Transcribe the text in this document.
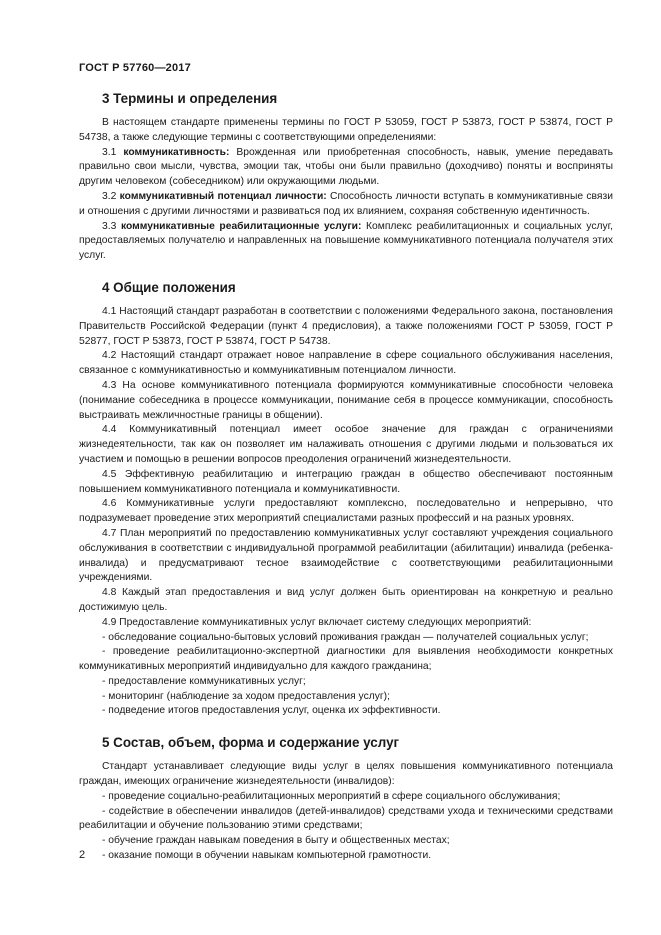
ГОСТ Р 57760—2017
3 Термины и определения

В настоящем стандарте применены термины по ГОСТ Р 53059, ГОСТ Р 53873, ГОСТ Р 53874, ГОСТ Р 54738, а также следующие термины с соответствующими определениями:

3.1 коммуникативность: Врожденная или приобретенная способность, навык, умение передавать правильно свои мысли, чувства, эмоции так, чтобы они были правильно (доходчиво) поняты и восприняты другим человеком (собеседником) или окружающими людьми.

3.2 коммуникативный потенциал личности: Способность личности вступать в коммуникативные связи и отношения с другими личностями и развиваться под их влиянием, сохраняя собственную идентичность.

3.3 коммуникативные реабилитационные услуги: Комплекс реабилитационных и социальных услуг, предоставляемых получателю и направленных на повышение коммуникативного потенциала получателя этих услуг.

4 Общие положения

4.1 Настоящий стандарт разработан в соответствии с положениями Федерального закона, постановления Правительств Российской Федерации (пункт 4 предисловия), а также положениями ГОСТ Р 53059, ГОСТ Р 52877, ГОСТ Р 53873, ГОСТ Р 53874, ГОСТ Р 54738.

4.2 Настоящий стандарт отражает новое направление в сфере социального обслуживания населения, связанное с коммуникативностью и коммуникативным потенциалом личности.

4.3 На основе коммуникативного потенциала формируются коммуникативные способности человека (понимание собеседника в процессе коммуникации, понимание себя в процессе коммуникации, способность выстраивать межличностные границы в общении).

4.4 Коммуникативный потенциал имеет особое значение для граждан с ограничениями жизнедеятельности, так как он позволяет им налаживать отношения с другими людьми и пользоваться их участием и помощью в решении вопросов преодоления ограничений жизнедеятельности.

4.5 Эффективную реабилитацию и интеграцию граждан в общество обеспечивают постоянным повышением коммуникативного потенциала и коммуникативности.

4.6 Коммуникативные услуги предоставляют комплексно, последовательно и непрерывно, что подразумевает проведение этих мероприятий специалистами разных профессий и на разных уровнях.

4.7 План мероприятий по предоставлению коммуникативных услуг составляют учреждения социального обслуживания в соответствии с индивидуальной программой реабилитации (абилитации) инвалида (ребенка-инвалида) и предусматривают тесное взаимодействие с соответствующими реабилитационными учреждениями.

4.8 Каждый этап предоставления и вид услуг должен быть ориентирован на конкретную и реально достижимую цель.

4.9 Предоставление коммуникативных услуг включает систему следующих мероприятий:

- обследование социально-бытовых условий проживания граждан — получателей социальных услуг;

- проведение реабилитационно-экспертной диагностики для выявления необходимости конкретных коммуникативных мероприятий индивидуально для каждого гражданина;

- предоставление коммуникативных услуг;

- мониторинг (наблюдение за ходом предоставления услуг);

- подведение итогов предоставления услуг, оценка их эффективности.

5 Состав, объем, форма и содержание услуг

Стандарт устанавливает следующие виды услуг в целях повышения коммуникативного потенциала граждан, имеющих ограничение жизнедеятельности (инвалидов):

- проведение социально-реабилитационных мероприятий в сфере социального обслуживания;

- содействие в обеспечении инвалидов (детей-инвалидов) средствами ухода и техническими средствами реабилитации и обучение пользованию этими средствами;

- обучение граждан навыкам поведения в быту и общественных местах;

- оказание помощи в обучении навыкам компьютерной грамотности.

2
